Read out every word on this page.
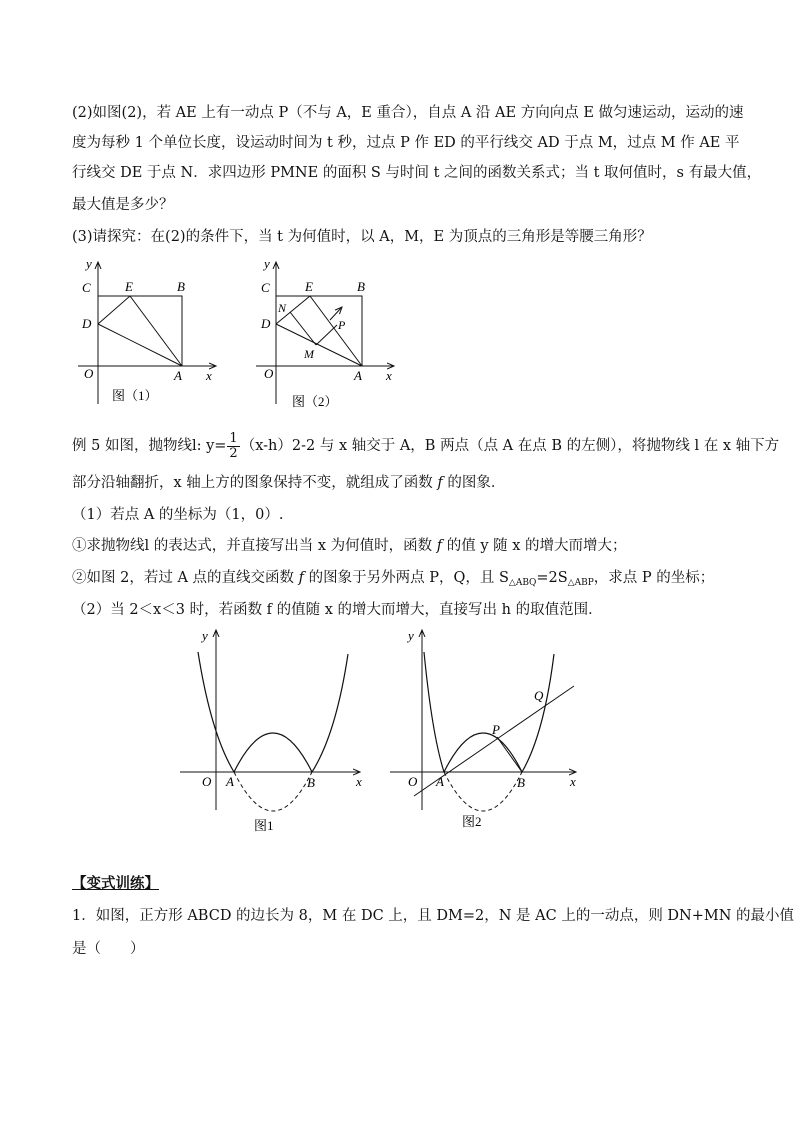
(2)如图(2)，若 AE 上有一动点 P（不与 A，E 重合），自点 A 沿 AE 方向向点 E 做匀速运动，运动的速
度为每秒 1 个单位长度，设运动时间为 t 秒，过点 P 作 ED 的平行线交 AD 于点 M，过点 M 作 AE 平
行线交 DE 于点 N．求四边形 PMNE 的面积 S 与时间 t 之间的函数关系式；当 t 取何值时，s 有最大值，
最大值是多少？
(3)请探究：在(2)的条件下，当 t 为何值时，以 A，M，E 为顶点的三角形是等腰三角形？
y
C	E	B
D
O	A x
图（1）
y
C	E	B
N
D	P
M
O	A x
图（2）
例 5 如图，抛物线l: $y= \frac{1}{2} (x-h)2-2$ 与 x 轴交于 A，B 两点（点 A 在点 B 的左侧），将抛物线 l 在 x 轴下方
部分沿轴翻折，x 轴上方的图象保持不变，就组成了函数 f 的图象．
（1）若点 A 的坐标为（1，0）.
①求抛物线l 的表达式，并直接写出当 x 为何值时，函数 f 的值 y 随 x 的增大而增大；
②如图 2，若过 A 点的直线交函数 f 的图象于另外两点 P，Q，且 $S_{\triangle ABQ}=2S_{\triangle ABP}$，求点 P 的坐标；
（2）当 2＜x＜3 时，若函数 f 的值随 x 的增大而增大，直接写出 h 的取值范围．
y
O A	B	x
图1
y
O A	B	x
P
Q
图2
【变式训练】
1．如图，正方形 ABCD 的边长为 8，M 在 DC 上，且 DM=2，N 是 AC 上的一动点，则 DN+MN 的最小值
是（　　）
